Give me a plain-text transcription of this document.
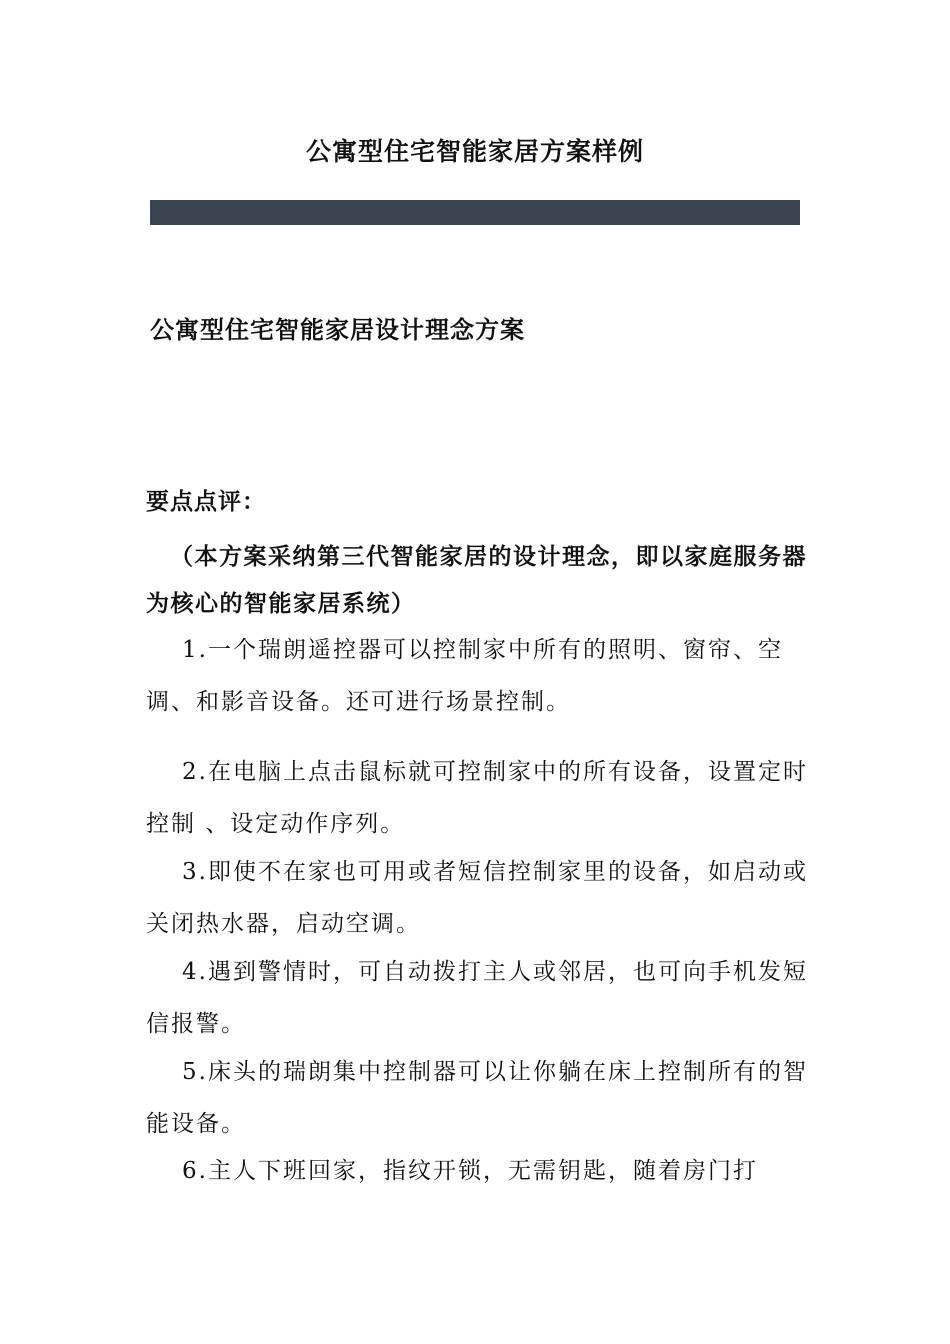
公寓型住宅智能家居方案样例
公寓型住宅智能家居设计理念方案

要点点评：

（本方案采纳第三代智能家居的设计理念，即以家庭服务器为核心的智能家居系统）

1.一个瑞朗遥控器可以控制家中所有的照明、窗帘、空调、和影音设备。还可进行场景控制。

2.在电脑上点击鼠标就可控制家中的所有设备，设置定时控制 、设定动作序列。

3.即使不在家也可用或者短信控制家里的设备，如启动或关闭热水器，启动空调。

4.遇到警情时，可自动拨打主人或邻居，也可向手机发短信报警。

5.床头的瑞朗集中控制器可以让你躺在床上控制所有的智能设备。

6.主人下班回家，指纹开锁，无需钥匙，随着房门打
